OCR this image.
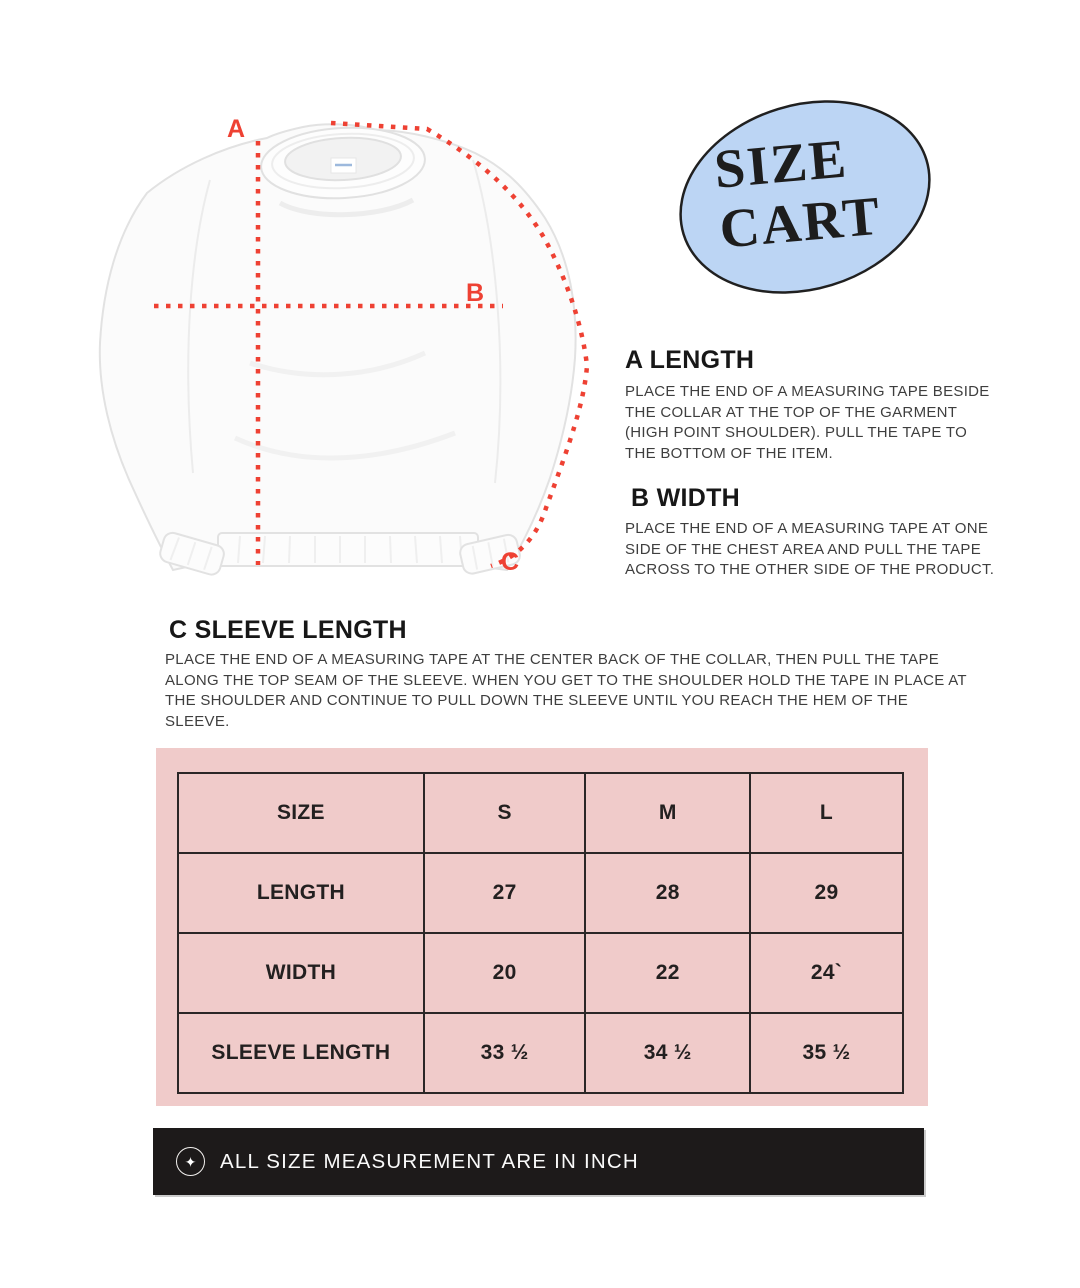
A
B
C
SIZE
CART
A LENGTH
PLACE THE END OF A MEASURING TAPE BESIDE THE COLLAR AT THE TOP OF THE GARMENT (HIGH POINT SHOULDER). PULL THE TAPE TO THE BOTTOM OF THE ITEM.
B WIDTH
PLACE THE END OF A MEASURING TAPE AT ONE SIDE OF THE CHEST AREA AND PULL THE TAPE ACROSS TO THE OTHER SIDE OF THE PRODUCT.
C SLEEVE LENGTH
PLACE THE END OF A MEASURING TAPE AT THE CENTER BACK OF THE COLLAR, THEN PULL THE TAPE ALONG THE TOP SEAM OF THE SLEEVE. WHEN YOU GET TO THE SHOULDER HOLD THE TAPE IN PLACE AT THE SHOULDER AND CONTINUE TO PULL DOWN THE SLEEVE UNTIL YOU REACH THE HEM OF THE SLEEVE.
SIZE	S	M	L
LENGTH	27	28	29
WIDTH	20	22	24`
SLEEVE LENGTH	33 ½	34 ½	35 ½
✦ ALL SIZE MEASUREMENT ARE IN INCH
